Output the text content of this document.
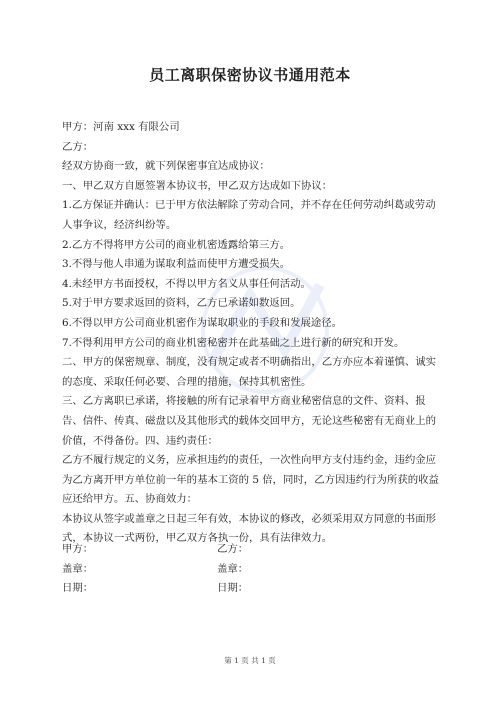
员工离职保密协议书通用范本

甲方：河南 xxx 有限公司

乙方：

经双方协商一致，就下列保密事宜达成协议：

一、甲乙双方自愿签署本协议书，甲乙双方达成如下协议：

1.乙方保证并确认：已于甲方依法解除了劳动合同，并不存在任何劳动纠葛或劳动人事争议，经济纠纷等。

2.乙方不得将甲方公司的商业机密透露给第三方。

3.不得与他人串通为谋取利益而使甲方遭受损失。

4.未经甲方书面授权，不得以甲方名义从事任何活动。

5.对于甲方要求返回的资料，乙方已承诺如数返回。

6.不得以甲方公司商业机密作为谋取职业的手段和发展途径。

7.不得利用甲方公司的商业机密秘密并在此基础之上进行新的研究和开发。

二、甲方的保密规章、制度，没有规定或者不明确指出，乙方亦应本着谨慎、诚实的态度、采取任何必要、合理的措施，保持其机密性。

三、乙方离职已承诺，将接触的所有记录着甲方商业秘密信息的文件、资料、报告、信件、传真、磁盘以及其他形式的载体交回甲方，无论这些秘密有无商业上的价值，不得备份。四、违约责任：

乙方不履行规定的义务，应承担违约的责任，一次性向甲方支付违约金，违约金应为乙方离开甲方单位前一年的基本工资的 5 倍，同时，乙方因违约行为所获的收益应还给甲方。五、协商效力：

本协议从签字或盖章之日起三年有效，本协议的修改，必须采用双方同意的书面形式，本协议一式两份，甲乙双方各执一份，具有法律效力。

甲方：	乙方：
盖章：	盖章：
日期：	日期：
第 1 页 共 1 页
